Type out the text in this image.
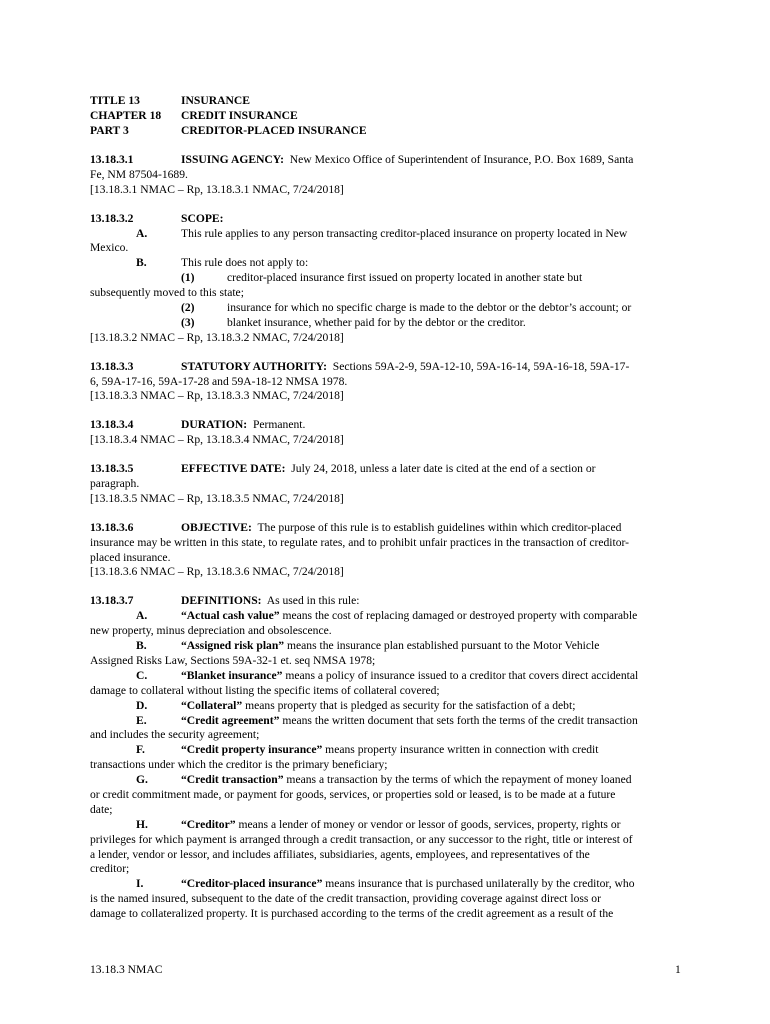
TITLE 13	INSURANCE
CHAPTER 18 CREDIT INSURANCE
PART 3	CREDITOR-PLACED INSURANCE
13.18.3.1	ISSUING AGENCY: New Mexico Office of Superintendent of Insurance, P.O. Box 1689, Santa
Fe, NM 87504-1689.
[13.18.3.1 NMAC – Rp, 13.18.3.1 NMAC, 7/24/2018]
13.18.3.2	SCOPE:
A.	This rule applies to any person transacting creditor-placed insurance on property located in New
Mexico.
B.	This rule does not apply to:
(1)	creditor-placed insurance first issued on property located in another state but
subsequently moved to this state;
(2)	insurance for which no specific charge is made to the debtor or the debtor’s account; or
(3)	blanket insurance, whether paid for by the debtor or the creditor.
[13.18.3.2 NMAC – Rp, 13.18.3.2 NMAC, 7/24/2018]
13.18.3.3	STATUTORY AUTHORITY: Sections 59A-2-9, 59A-12-10, 59A-16-14, 59A-16-18, 59A-17-
6, 59A-17-16, 59A-17-28 and 59A-18-12 NMSA 1978.
[13.18.3.3 NMAC – Rp, 13.18.3.3 NMAC, 7/24/2018]
13.18.3.4	DURATION: Permanent.
[13.18.3.4 NMAC – Rp, 13.18.3.4 NMAC, 7/24/2018]
13.18.3.5	EFFECTIVE DATE: July 24, 2018, unless a later date is cited at the end of a section or
paragraph.
[13.18.3.5 NMAC – Rp, 13.18.3.5 NMAC, 7/24/2018]
13.18.3.6	OBJECTIVE: The purpose of this rule is to establish guidelines within which creditor-placed
insurance may be written in this state, to regulate rates, and to prohibit unfair practices in the transaction of creditor-
placed insurance.
[13.18.3.6 NMAC – Rp, 13.18.3.6 NMAC, 7/24/2018]
13.18.3.7	DEFINITIONS: As used in this rule:
A.	“Actual cash value” means the cost of replacing damaged or destroyed property with comparable
new property, minus depreciation and obsolescence.
B.	“Assigned risk plan” means the insurance plan established pursuant to the Motor Vehicle
Assigned Risks Law, Sections 59A-32-1 et. seq NMSA 1978;
C.	“Blanket insurance” means a policy of insurance issued to a creditor that covers direct accidental
damage to collateral without listing the specific items of collateral covered;
D.	“Collateral” means property that is pledged as security for the satisfaction of a debt;
E.	“Credit agreement” means the written document that sets forth the terms of the credit transaction
and includes the security agreement;
F.	“Credit property insurance” means property insurance written in connection with credit
transactions under which the creditor is the primary beneficiary;
G.	“Credit transaction” means a transaction by the terms of which the repayment of money loaned
or credit commitment made, or payment for goods, services, or properties sold or leased, is to be made at a future
date;
H.	“Creditor” means a lender of money or vendor or lessor of goods, services, property, rights or
privileges for which payment is arranged through a credit transaction, or any successor to the right, title or interest of
a lender, vendor or lessor, and includes affiliates, subsidiaries, agents, employees, and representatives of the
creditor;
I.	“Creditor-placed insurance” means insurance that is purchased unilaterally by the creditor, who
is the named insured, subsequent to the date of the credit transaction, providing coverage against direct loss or
damage to collateralized property. It is purchased according to the terms of the credit agreement as a result of the
13.18.3 NMAC	1
